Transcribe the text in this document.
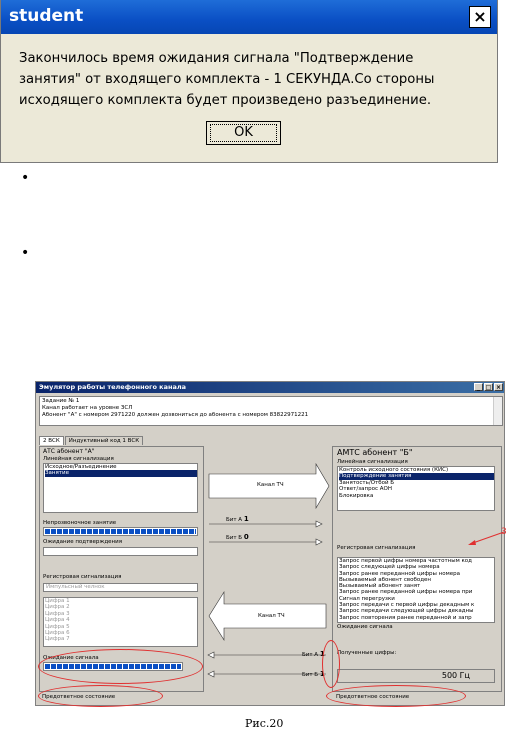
student	×
Закончилось время ожидания сигнала "Подтверждение занятия" от входящего комплекта - 1 СЕКУНДА.Со стороны исходящего комплекта будет произведено разъединение.
OK
•
•
Эмулятор работы телефонного канала	_ □ ×
Задание № 1
Канал работает на уровне ЗСЛ
Абонент "А" с номером 2971220 должен дозвониться до абонента с номером 83822971221
2 ВСК	Индуктивный код 1 ВСК
АТС абонент "А"
Линейная сигнализация
Исходное/Разъединение
Занятие
Непрозвоночное занятие
Ожидание подтверждения
Регистровая сигнализация
Импульсный челнок
Цифра 1
Цифра 2
Цифра 3
Цифра 4
Цифра 5
Цифра 6
Цифра 7
Ожидание сигнала
Предответное состояние
Канал ТЧ
Бит А 1
Бит Б 0
Канал ТЧ
Бит А 1
Бит Б 1
АМТС абонент "Б"
Линейная сигнализация
Контроль исходного состояния (КИС)
Подтверждение занятия
Занятость/Отбой Б
Ответ/запрос АОН
Блокировка
Регистровая сигнализация
Запрос первой цифры номера частотным код
Запрос следующей цифры номера
Запрос ранее переданной цифры номера
Вызываемый абонент свободен
Вызываемый абонент занят
Запрос ранее переданной цифры номера при
Сигнал перегрузки
Запрос передачи с первой цифры декадным к
Запрос передачи следующей цифры декадны
Запрос повторения ранее переданной и запр
Ожидание сигнала
Полученные цифры:
500 Гц
Предответное состояние
3
Рис.20
